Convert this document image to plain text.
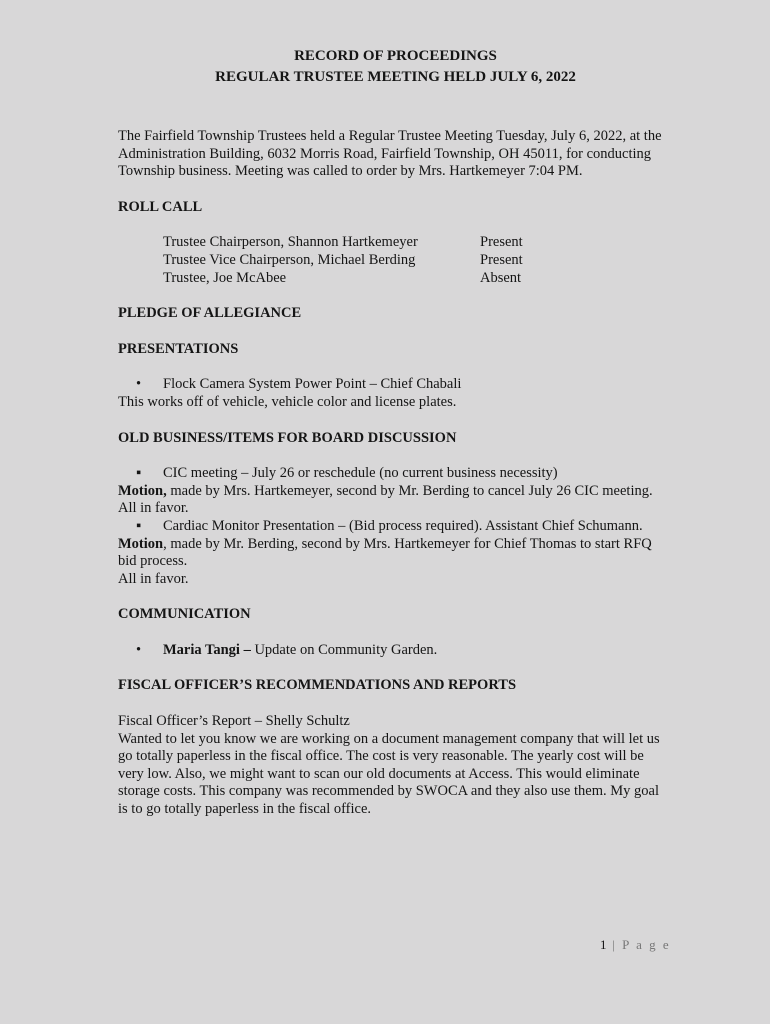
RECORD OF PROCEEDINGS

REGULAR TRUSTEE MEETING HELD JULY 6, 2022

The Fairfield Township Trustees held a Regular Trustee Meeting Tuesday, July 6, 2022, at the Administration Building, 6032 Morris Road, Fairfield Township, OH 45011, for conducting Township business. Meeting was called to order by Mrs. Hartkemeyer 7:04 PM.

ROLL CALL

Trustee Chairperson, Shannon Hartkemeyer	Present
Trustee Vice Chairperson, Michael Berding	Present
Trustee, Joe McAbee	Absent

PLEDGE OF ALLEGIANCE

PRESENTATIONS

•	Flock Camera System Power Point – Chief Chabali

This works off of vehicle, vehicle color and license plates.

OLD BUSINESS/ITEMS FOR BOARD DISCUSSION

▪	CIC meeting – July 26 or reschedule (no current business necessity)

Motion, made by Mrs. Hartkemeyer, second by Mr. Berding to cancel July 26 CIC meeting.

All in favor.

▪	Cardiac Monitor Presentation – (Bid process required). Assistant Chief Schumann.

Motion, made by Mr. Berding, second by Mrs. Hartkemeyer for Chief Thomas to start RFQ bid process.

All in favor.

COMMUNICATION

•	Maria Tangi – Update on Community Garden.

FISCAL OFFICER’S RECOMMENDATIONS AND REPORTS

Fiscal Officer’s Report – Shelly Schultz

Wanted to let you know we are working on a document management company that will let us go totally paperless in the fiscal office. The cost is very reasonable. The yearly cost will be very low. Also, we might want to scan our old documents at Access. This would eliminate storage costs. This company was recommended by SWOCA and they also use them. My goal is to go totally paperless in the fiscal office.

1 | P a g e
